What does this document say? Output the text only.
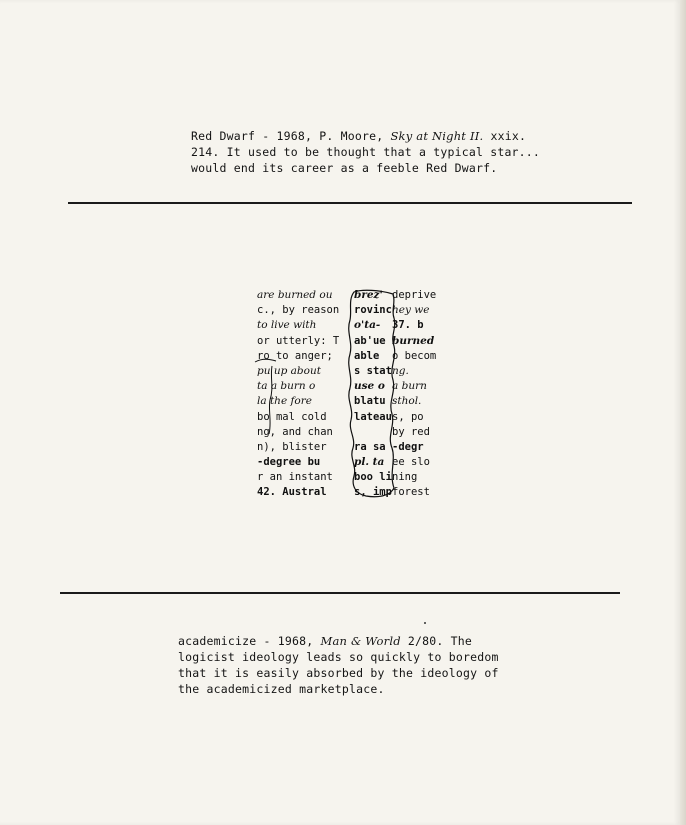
Red Dwarf - 1968, P. Moore, Sky at Night II. xxix.
214. It used to be thought that a typical star...
would end its career as a feeble Red Dwarf.
are burned ou
c., by reason
to live with
or utterly: T
ro to anger;
pu up about
ta a burn o
la the fore
bo mal cold
ng, and chan
n), blister
-degree bu
r an instant
42. Austral
brez'
rovinc
o'ta-
ab'ue
able
s stat
use o
blatu
lateau
ra sa
pl. ta
boo li
s, imp
deprive
hey we
37. b
burned
o becom
ng.
a burn
sthol.
s, po
by red
-degr
ee slo
ning
forest
academicize - 1968, Man & World 2/80. The
logicist ideology leads so quickly to boredom
that it is easily absorbed by the ideology of
the academicized marketplace.
